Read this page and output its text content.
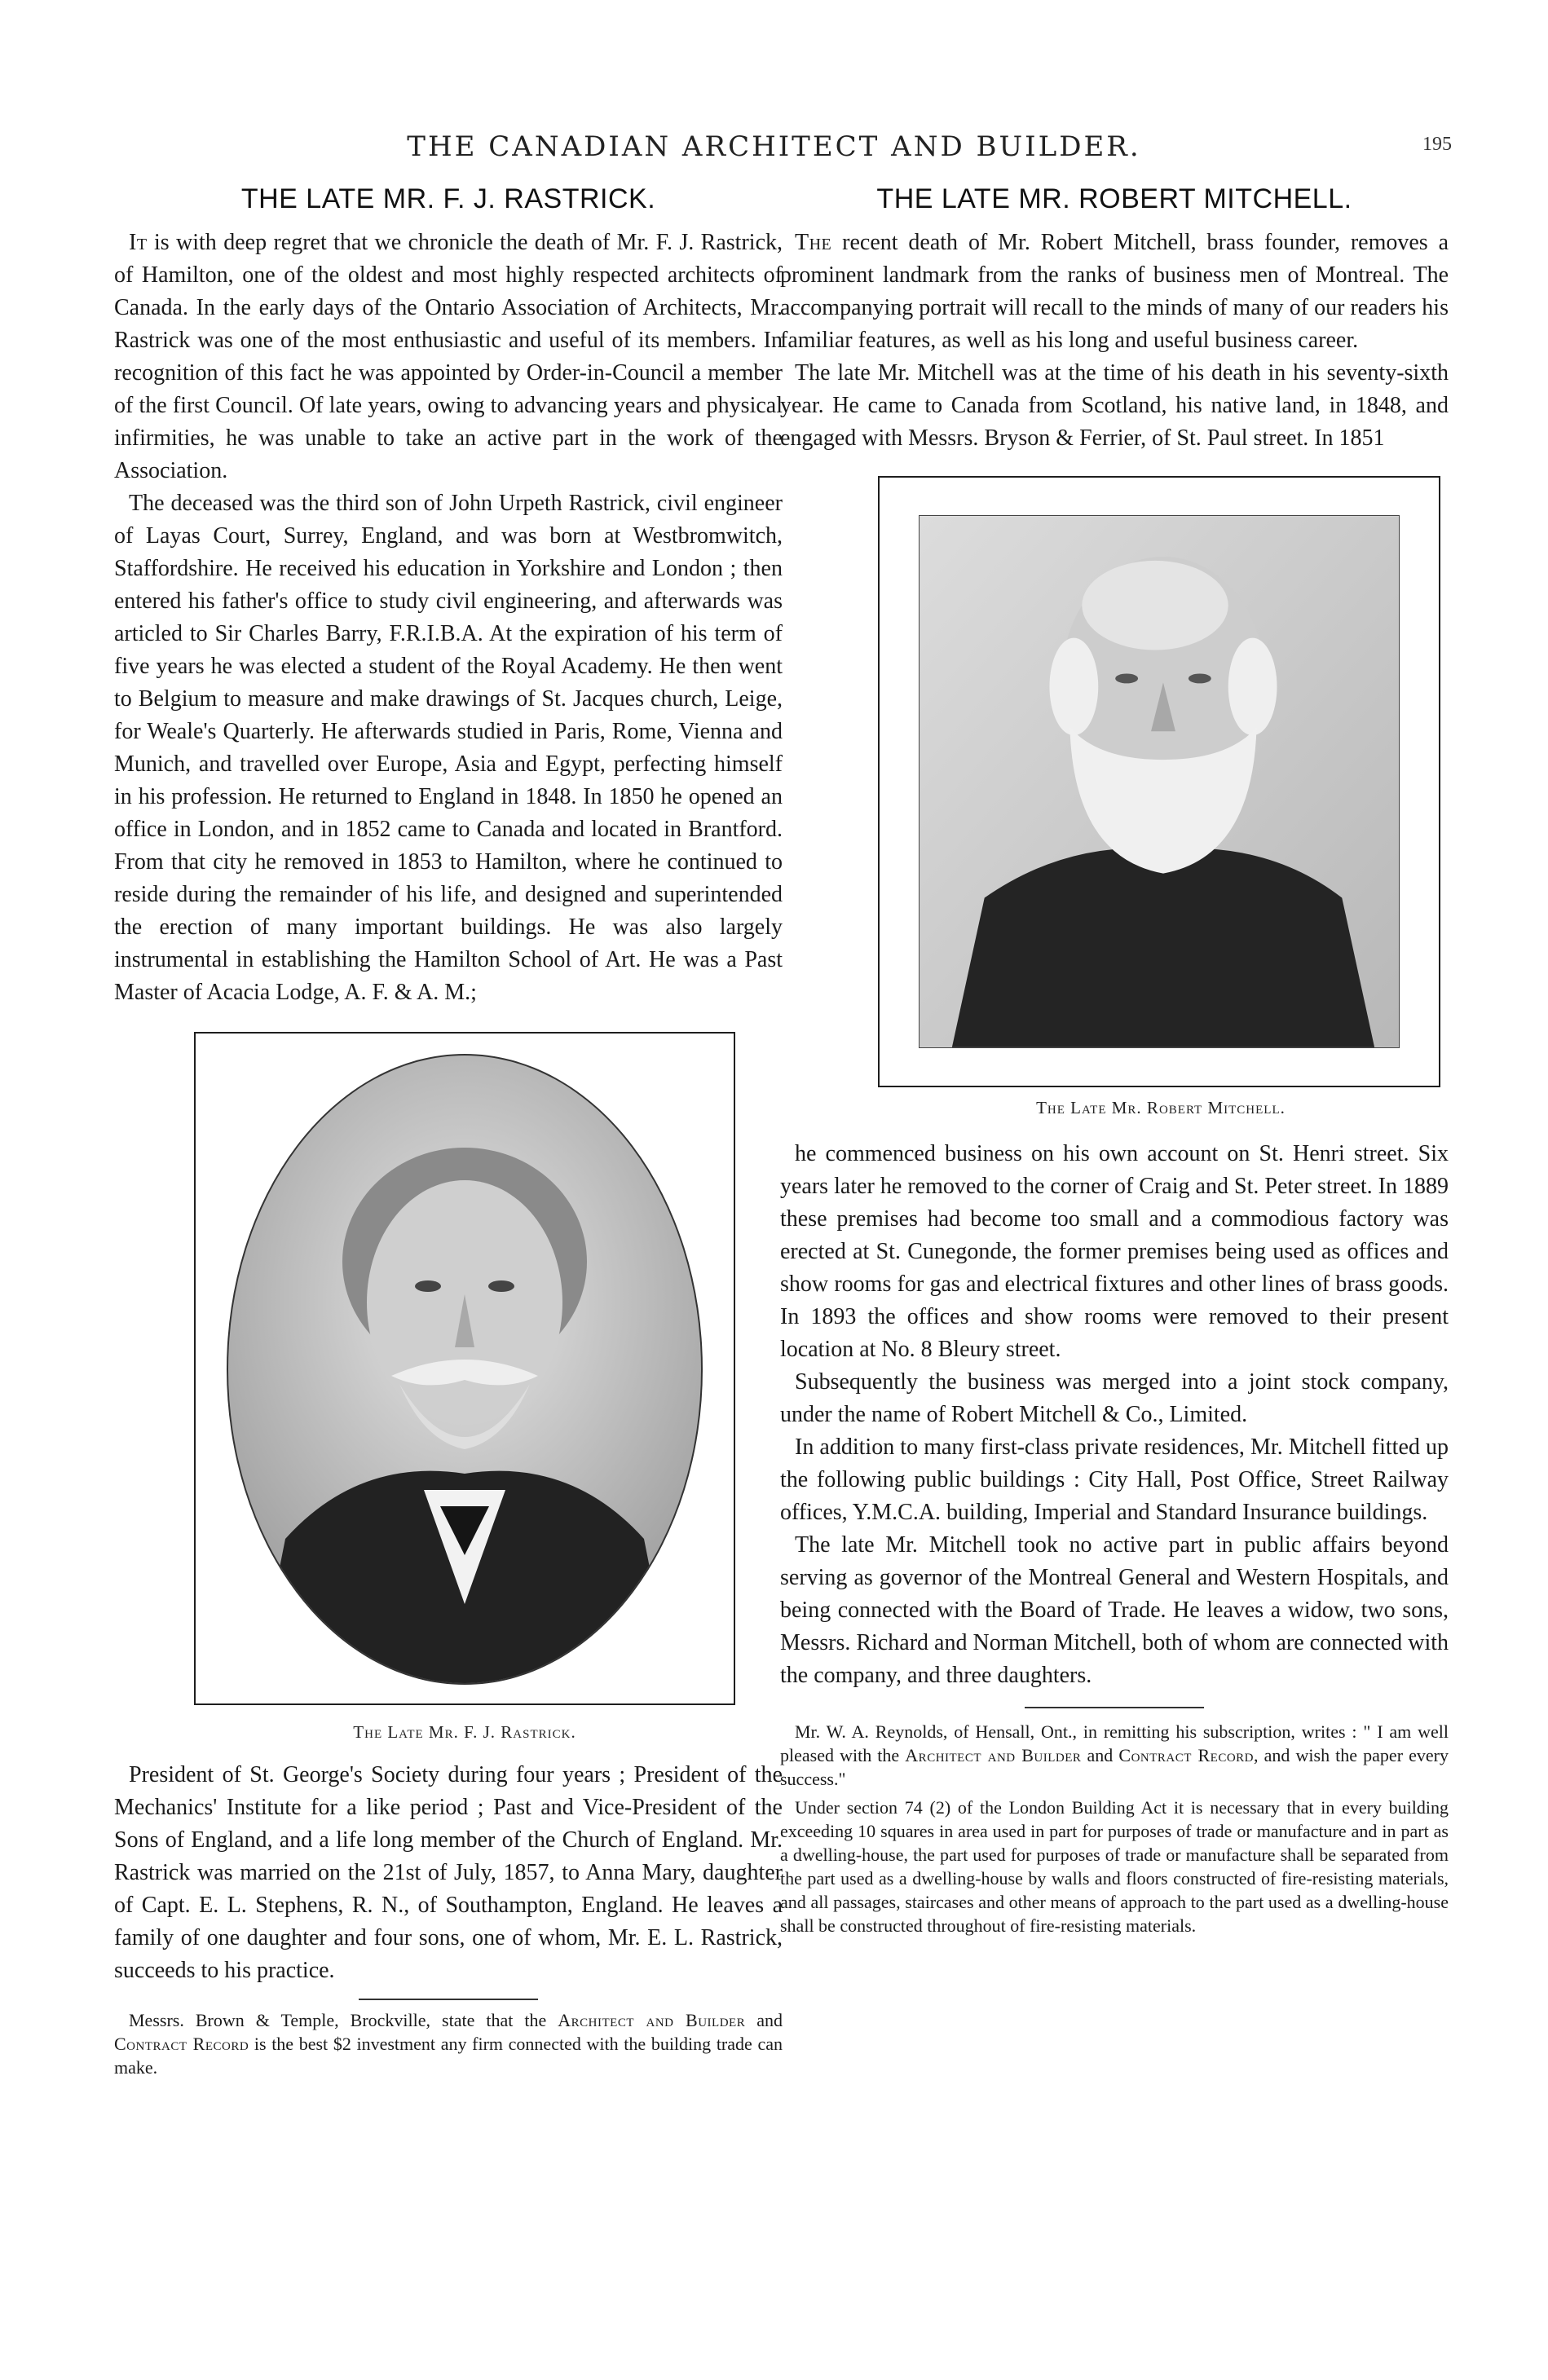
THE CANADIAN ARCHITECT AND BUILDER.	195
THE LATE MR. F. J. RASTRICK.

It is with deep regret that we chronicle the death of Mr. F. J. Rastrick, of Hamilton, one of the oldest and most highly respected architects of Canada. In the early days of the Ontario Association of Architects, Mr. Rastrick was one of the most enthusiastic and useful of its members. In recognition of this fact he was appointed by Order-in-Council a member of the first Council. Of late years, owing to advancing years and physical infirmities, he was unable to take an active part in the work of the Association.

The deceased was the third son of John Urpeth Rastrick, civil engineer of Layas Court, Surrey, England, and was born at Westbromwitch, Staffordshire. He received his education in Yorkshire and London ; then entered his father's office to study civil engineering, and afterwards was articled to Sir Charles Barry, F.R.I.B.A. At the expiration of his term of five years he was elected a student of the Royal Academy. He then went to Belgium to measure and make drawings of St. Jacques church, Leige, for Weale's Quarterly. He afterwards studied in Paris, Rome, Vienna and Munich, and travelled over Europe, Asia and Egypt, perfecting himself in his profession. He returned to England in 1848. In 1850 he opened an office in London, and in 1852 came to Canada and located in Brantford. From that city he removed in 1853 to Hamilton, where he continued to reside during the remainder of his life, and designed and superintended the erection of many important buildings. He was also largely instrumental in establishing the Hamilton School of Art. He was a Past Master of Acacia Lodge, A. F. & A. M.;

The Late Mr. F. J. Rastrick.

President of St. George's Society during four years ; President of the Mechanics' Institute for a like period ; Past and Vice-President of the Sons of England, and a life long member of the Church of England. Mr. Rastrick was married on the 21st of July, 1857, to Anna Mary, daughter of Capt. E. L. Stephens, R. N., of Southampton, England. He leaves a family of one daughter and four sons, one of whom, Mr. E. L. Rastrick, succeeds to his practice.

Messrs. Brown & Temple, Brockville, state that the Architect and Builder and Contract Record is the best $2 investment any firm connected with the building trade can make.

THE LATE MR. ROBERT MITCHELL.

The recent death of Mr. Robert Mitchell, brass founder, removes a prominent landmark from the ranks of business men of Montreal. The accompanying portrait will recall to the minds of many of our readers his familiar features, as well as his long and useful business career.

The late Mr. Mitchell was at the time of his death in his seventy-sixth year. He came to Canada from Scotland, his native land, in 1848, and engaged with Messrs. Bryson & Ferrier, of St. Paul street. In 1851

The Late Mr. Robert Mitchell.

he commenced business on his own account on St. Henri street. Six years later he removed to the corner of Craig and St. Peter street. In 1889 these premises had become too small and a commodious factory was erected at St. Cunegonde, the former premises being used as offices and show rooms for gas and electrical fixtures and other lines of brass goods. In 1893 the offices and show rooms were removed to their present location at No. 8 Bleury street.

Subsequently the business was merged into a joint stock company, under the name of Robert Mitchell & Co., Limited.

In addition to many first-class private residences, Mr. Mitchell fitted up the following public buildings : City Hall, Post Office, Street Railway offices, Y.M.C.A. building, Imperial and Standard Insurance buildings.

The late Mr. Mitchell took no active part in public affairs beyond serving as governor of the Montreal General and Western Hospitals, and being connected with the Board of Trade. He leaves a widow, two sons, Messrs. Richard and Norman Mitchell, both of whom are connected with the company, and three daughters.

Mr. W. A. Reynolds, of Hensall, Ont., in remitting his subscription, writes : " I am well pleased with the Architect and Builder and Contract Record, and wish the paper every success."

Under section 74 (2) of the London Building Act it is necessary that in every building exceeding 10 squares in area used in part for purposes of trade or manufacture and in part as a dwelling-house, the part used for purposes of trade or manufacture shall be separated from the part used as a dwelling-house by walls and floors constructed of fire-resisting materials, and all passages, staircases and other means of approach to the part used as a dwelling-house shall be constructed throughout of fire-resisting materials.
